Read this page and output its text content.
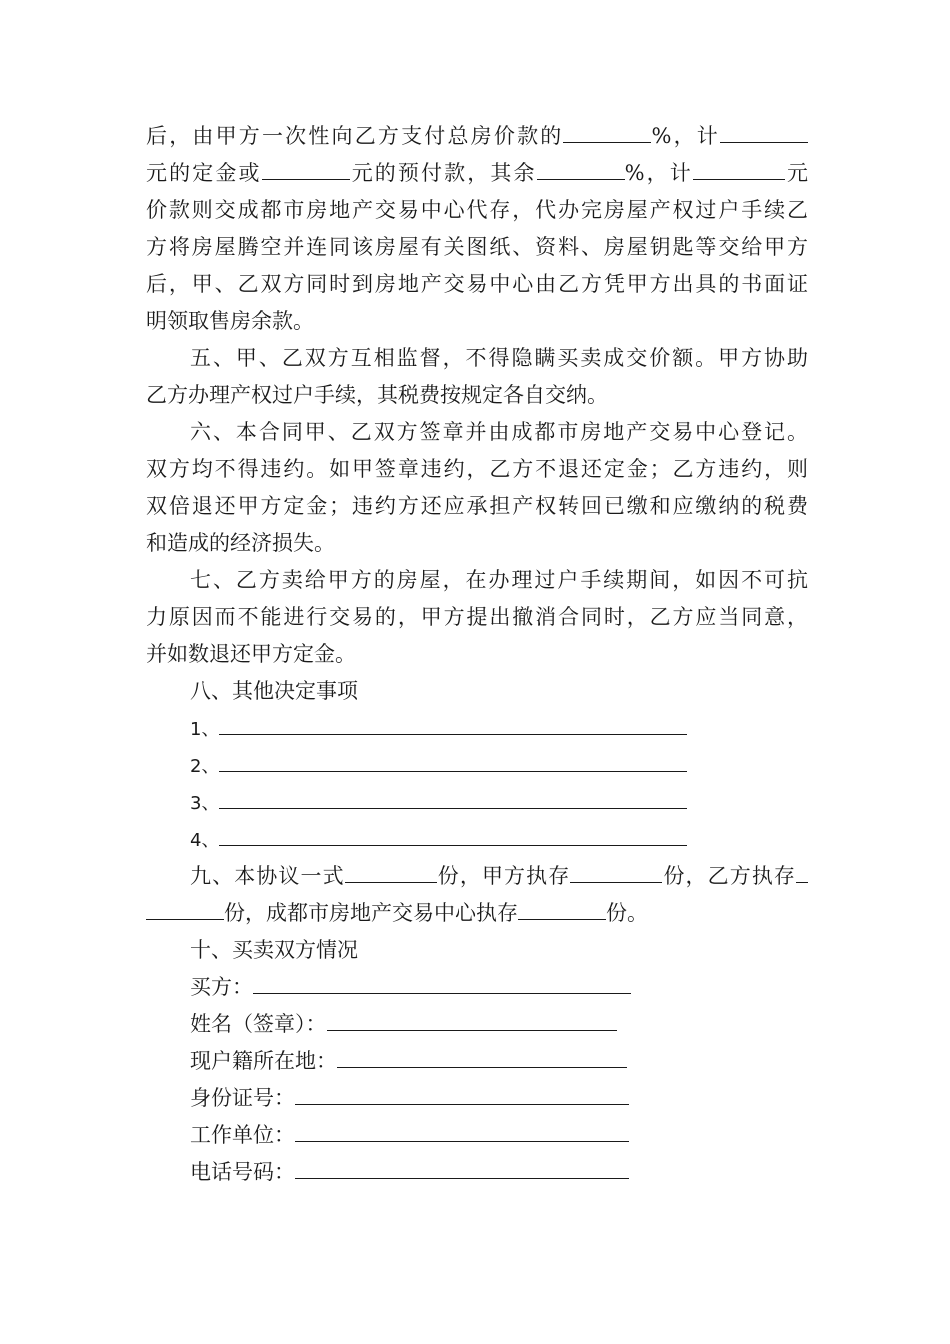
后，由甲方一次性向乙方支付总房价款的	%，计
元的定金或	元的预付款，其余	%，计	元
价款则交成都市房地产交易中心代存，代办完房屋产权过户手续乙
方将房屋腾空并连同该房屋有关图纸、资料、房屋钥匙等交给甲方
后，甲、乙双方同时到房地产交易中心由乙方凭甲方出具的书面证
明领取售房余款。
五、甲、乙双方互相监督，不得隐瞒买卖成交价额。甲方协助
乙方办理产权过户手续，其税费按规定各自交纳。
六、本合同甲、乙双方签章并由成都市房地产交易中心登记。
双方均不得违约。如甲签章违约，乙方不退还定金；乙方违约，则
双倍退还甲方定金；违约方还应承担产权转回已缴和应缴纳的税费
和造成的经济损失。
七、乙方卖给甲方的房屋，在办理过户手续期间，如因不可抗
力原因而不能进行交易的，甲方提出撤消合同时，乙方应当同意，
并如数退还甲方定金。
八、其他决定事项
1、
2、
3、
4、
九、本协议一式	份，甲方执存	份，乙方执存
份，成都市房地产交易中心执存	份。
十、买卖双方情况
买方：
姓名（签章）：
现户籍所在地：
身份证号：
工作单位：
电话号码：
